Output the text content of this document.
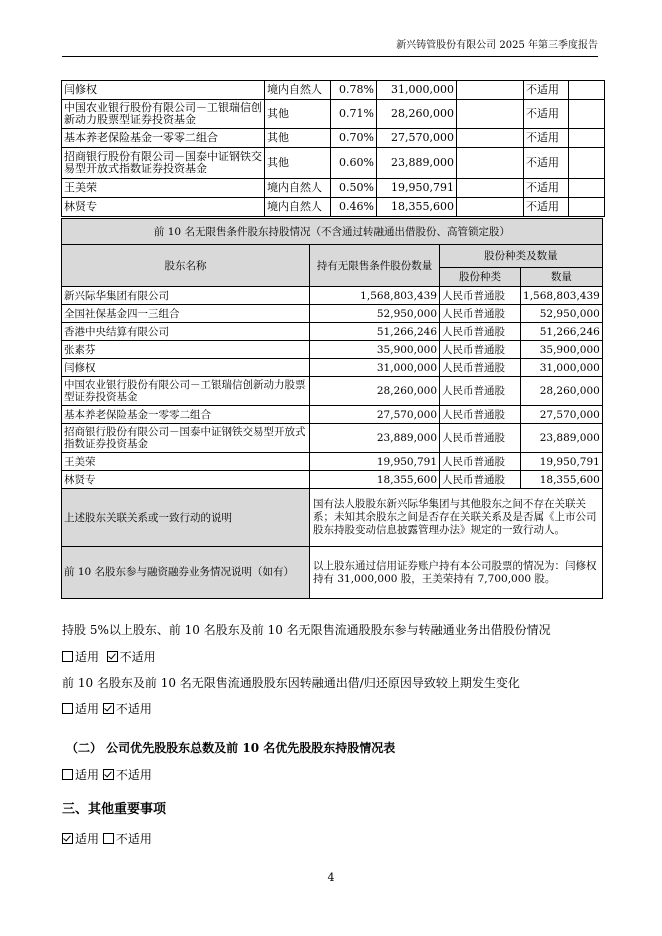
新兴铸管股份有限公司 2025 年第三季度报告
闫修权	境内自然人	0.78%	31,000,000		不适用	
中国农业银行股份有限公司－工银瑞信创新动力股票型证券投资基金	其他	0.71%	28,260,000		不适用	
基本养老保险基金一零零二组合	其他	0.70%	27,570,000		不适用	
招商银行股份有限公司－国泰中证钢铁交易型开放式指数证券投资基金	其他	0.60%	23,889,000		不适用	
王美荣	境内自然人	0.50%	19,950,791		不适用	
林贤专	境内自然人	0.46%	18,355,600		不适用	
前 10 名无限售条件股东持股情况（不含通过转融通出借股份、高管锁定股）			
股东名称	持有无限售条件股份数量	股份种类及数量	
		股份种类	数量
新兴际华集团有限公司	1,568,803,439	人民币普通股	1,568,803,439
全国社保基金四一三组合	52,950,000	人民币普通股	52,950,000
香港中央结算有限公司	51,266,246	人民币普通股	51,266,246
张素芬	35,900,000	人民币普通股	35,900,000
闫修权	31,000,000	人民币普通股	31,000,000
中国农业银行股份有限公司－工银瑞信创新动力股票型证券投资基金	28,260,000	人民币普通股	28,260,000
基本养老保险基金一零零二组合	27,570,000	人民币普通股	27,570,000
招商银行股份有限公司－国泰中证钢铁交易型开放式指数证券投资基金	23,889,000	人民币普通股	23,889,000
王美荣	19,950,791	人民币普通股	19,950,791
林贤专	18,355,600	人民币普通股	18,355,600
上述股东关联关系或一致行动的说明	国有法人股股东新兴际华集团与其他股东之间不存在关联关系；未知其余股东之间是否存在关联关系及是否属《上市公司股东持股变动信息披露管理办法》规定的一致行动人。		
前 10 名股东参与融资融券业务情况说明（如有）	以上股东通过信用证券账户持有本公司股票的情况为：闫修权持有 31,000,000 股，王美荣持有 7,700,000 股。		
持股 5%以上股东、前 10 名股东及前 10 名无限售流通股股东参与转融通业务出借股份情况
适用 不适用
前 10 名股东及前 10 名无限售流通股股东因转融通出借/归还原因导致较上期发生变化
适用 不适用
（二） 公司优先股股东总数及前 10 名优先股股东持股情况表
适用 不适用
三、其他重要事项
适用 不适用
4
